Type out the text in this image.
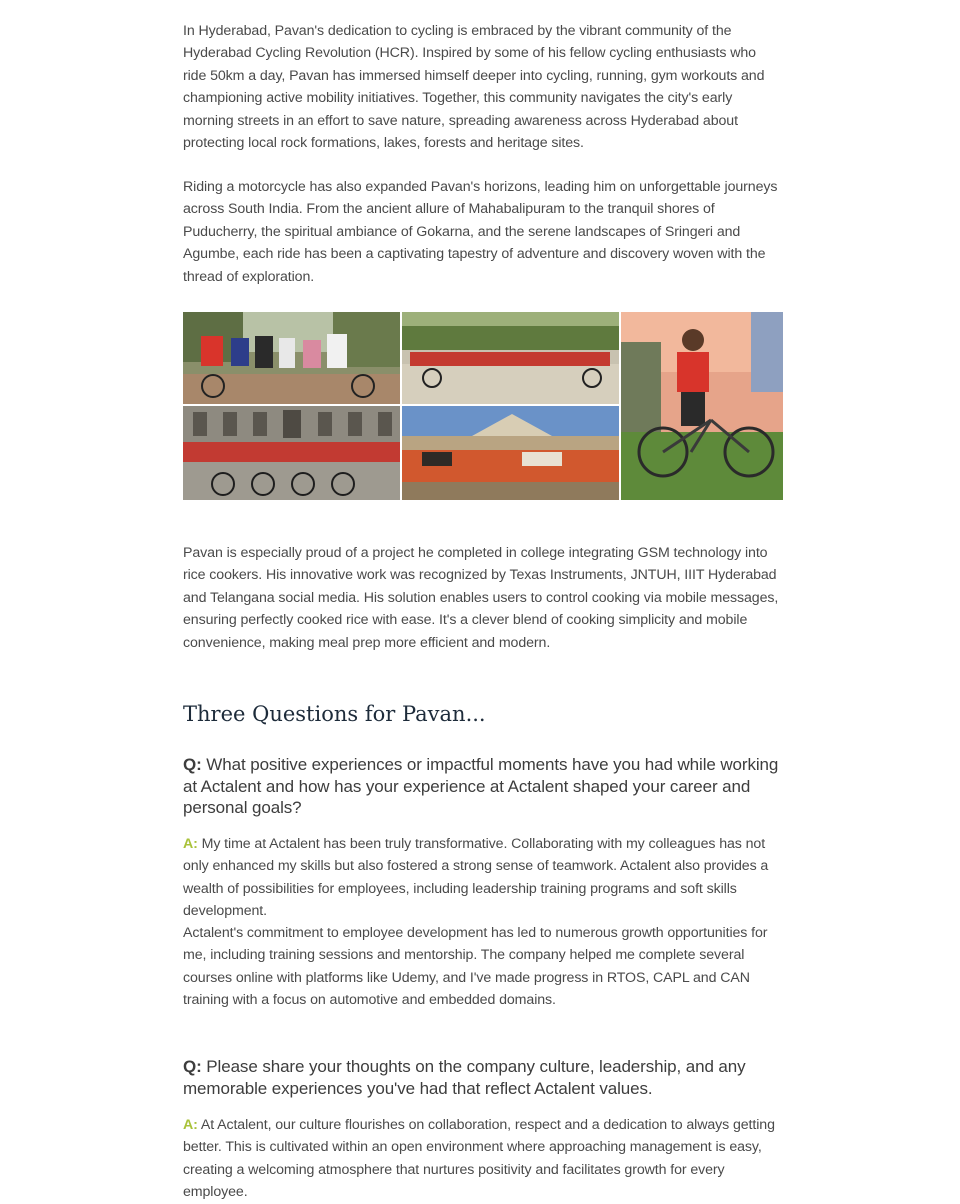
In Hyderabad, Pavan's dedication to cycling is embraced by the vibrant community of the Hyderabad Cycling Revolution (HCR). Inspired by some of his fellow cycling enthusiasts who ride 50km a day, Pavan has immersed himself deeper into cycling, running, gym workouts and championing active mobility initiatives. Together, this community navigates the city's early morning streets in an effort to save nature, spreading awareness across Hyderabad about protecting local rock formations, lakes, forests and heritage sites.

Riding a motorcycle has also expanded Pavan's horizons, leading him on unforgettable journeys across South India. From the ancient allure of Mahabalipuram to the tranquil shores of Puducherry, the spiritual ambiance of Gokarna, and the serene landscapes of Sringeri and Agumbe, each ride has been a captivating tapestry of adventure and discovery woven with the thread of exploration.

Pavan is especially proud of a project he completed in college integrating GSM technology into rice cookers. His innovative work was recognized by Texas Instruments, JNTUH, IIIT Hyderabad and Telangana social media. His solution enables users to control cooking via mobile messages, ensuring perfectly cooked rice with ease. It's a clever blend of cooking simplicity and mobile convenience, making meal prep more efficient and modern.

Three Questions for Pavan...

Q: What positive experiences or impactful moments have you had while working at Actalent and how has your experience at Actalent shaped your career and personal goals?

A: My time at Actalent has been truly transformative. Collaborating with my colleagues has not only enhanced my skills but also fostered a strong sense of teamwork. Actalent also provides a wealth of possibilities for employees, including leadership training programs and soft skills development.

Actalent's commitment to employee development has led to numerous growth opportunities for me, including training sessions and mentorship. The company helped me complete several courses online with platforms like Udemy, and I've made progress in RTOS, CAPL and CAN training with a focus on automotive and embedded domains.

Q: Please share your thoughts on the company culture, leadership, and any memorable experiences you've had that reflect Actalent values.

A: At Actalent, our culture flourishes on collaboration, respect and a dedication to always getting better. This is cultivated within an open environment where approaching management is easy, creating a welcoming atmosphere that nurtures positivity and facilitates growth for every employee.
